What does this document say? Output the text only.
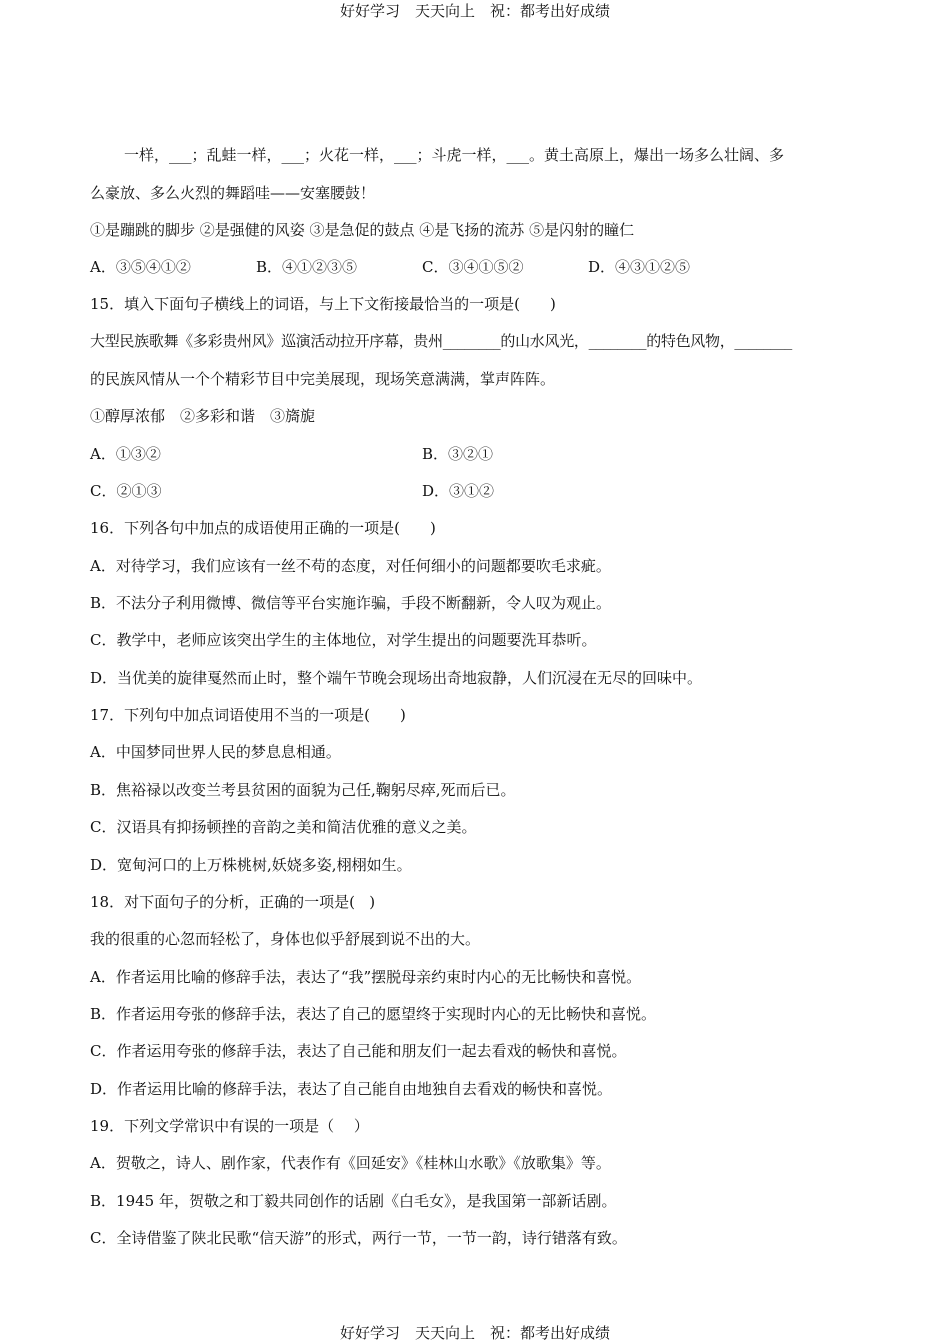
好好学习　天天向上　祝：都考出好成绩
一样，___；乱蛙一样，___；火花一样，___；斗虎一样，___。黄土高原上，爆出一场多么壮阔、多
么豪放、多么火烈的舞蹈哇——安塞腰鼓！
①是蹦跳的脚步 ②是强健的风姿 ③是急促的鼓点 ④是飞扬的流苏 ⑤是闪射的瞳仁
A．③⑤④①②	B．④①②③⑤	C．③④①⑤②	D．④③①②⑤
15．填入下面句子横线上的词语，与上下文衔接最恰当的一项是(　　)
大型民族歌舞《多彩贵州风》巡演活动拉开序幕，贵州________的山水风光，________的特色风物，________
的民族风情从一个个精彩节目中完美展现，现场笑意满满，掌声阵阵。
①醇厚浓郁　②多彩和谐　③旖旎
A．①③②	B．③②①
C．②①③	D．③①②
16．下列各句中加点的成语使用正确的一项是(　　)
A．对待学习，我们应该有一丝不苟的态度，对任何细小的问题都要吹毛求疵。
B．不法分子利用微博、微信等平台实施诈骗，手段不断翻新，令人叹为观止。
C．教学中，老师应该突出学生的主体地位，对学生提出的问题要洗耳恭听。
D．当优美的旋律戛然而止时，整个端午节晚会现场出奇地寂静，人们沉浸在无尽的回味中。
17．下列句中加点词语使用不当的一项是(　　)
A．中国梦同世界人民的梦息息相通。
B．焦裕禄以改变兰考县贫困的面貌为己任,鞠躬尽瘁,死而后已。
C．汉语具有抑扬顿挫的音韵之美和简洁优雅的意义之美。
D．宽甸河口的上万株桃树,妖娆多姿,栩栩如生。
18．对下面句子的分析，正确的一项是(   )
我的很重的心忽而轻松了，身体也似乎舒展到说不出的大。
A．作者运用比喻的修辞手法，表达了“我”摆脱母亲约束时内心的无比畅快和喜悦。
B．作者运用夸张的修辞手法，表达了自己的愿望终于实现时内心的无比畅快和喜悦。
C．作者运用夸张的修辞手法，表达了自己能和朋友们一起去看戏的畅快和喜悦。
D．作者运用比喻的修辞手法，表达了自己能自由地独自去看戏的畅快和喜悦。
19．下列文学常识中有误的一项是（　 ）
A．贺敬之，诗人、剧作家，代表作有《回延安》《桂林山水歌》《放歌集》等。
B．1945 年，贺敬之和丁毅共同创作的话剧《白毛女》，是我国第一部新话剧。
C．全诗借鉴了陕北民歌“信天游”的形式，两行一节，一节一韵，诗行错落有致。
好好学习　天天向上　祝：都考出好成绩
